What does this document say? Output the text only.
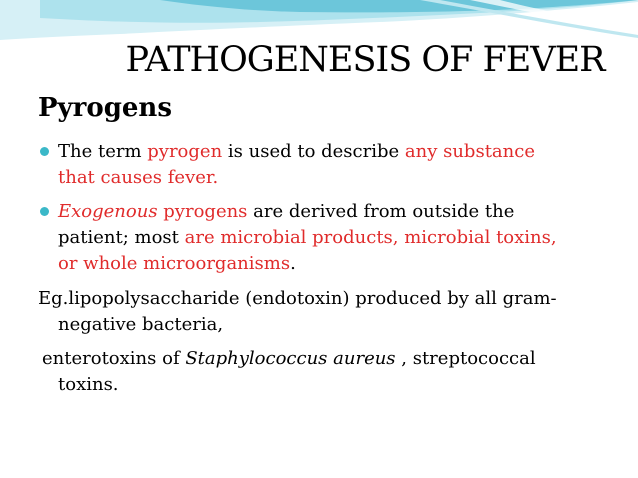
PATHOGENESIS OF FEVER
Pyrogens
The term pyrogen is used to describe any substance
that causes fever.
Exogenous pyrogens are derived from outside the
patient; most are microbial products, microbial toxins,
or whole microorganisms.
Eg.lipopolysaccharide (endotoxin) produced by all gram-
negative bacteria,
enterotoxins of Staphylococcus aureus , streptococcal
toxins.
